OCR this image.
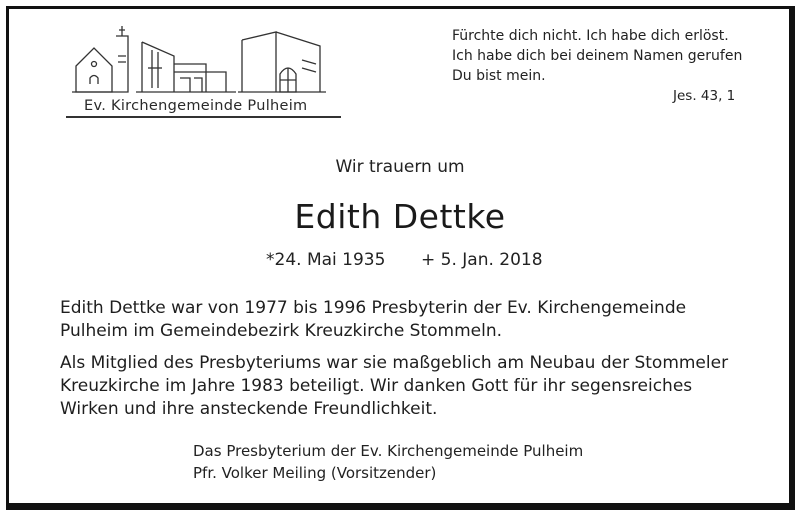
Ev. Kirchengemeinde Pulheim
Fürchte dich nicht. Ich habe dich erlöst.
Ich habe dich bei deinem Namen gerufen
Du bist mein.
Jes. 43, 1
Wir trauern um
Edith Dettke
*24. Mai 1935 + 5. Jan. 2018
Edith Dettke war von 1977 bis 1996 Presbyterin der Ev. Kirchengemeinde
Pulheim im Gemeindebezirk Kreuzkirche Stommeln.
Als Mitglied des Presbyteriums war sie maßgeblich am Neubau der Stommeler
Kreuzkirche im Jahre 1983 beteiligt. Wir danken Gott für ihr segensreiches
Wirken und ihre ansteckende Freundlichkeit.
Das Presbyterium der Ev. Kirchengemeinde Pulheim
Pfr. Volker Meiling (Vorsitzender)
